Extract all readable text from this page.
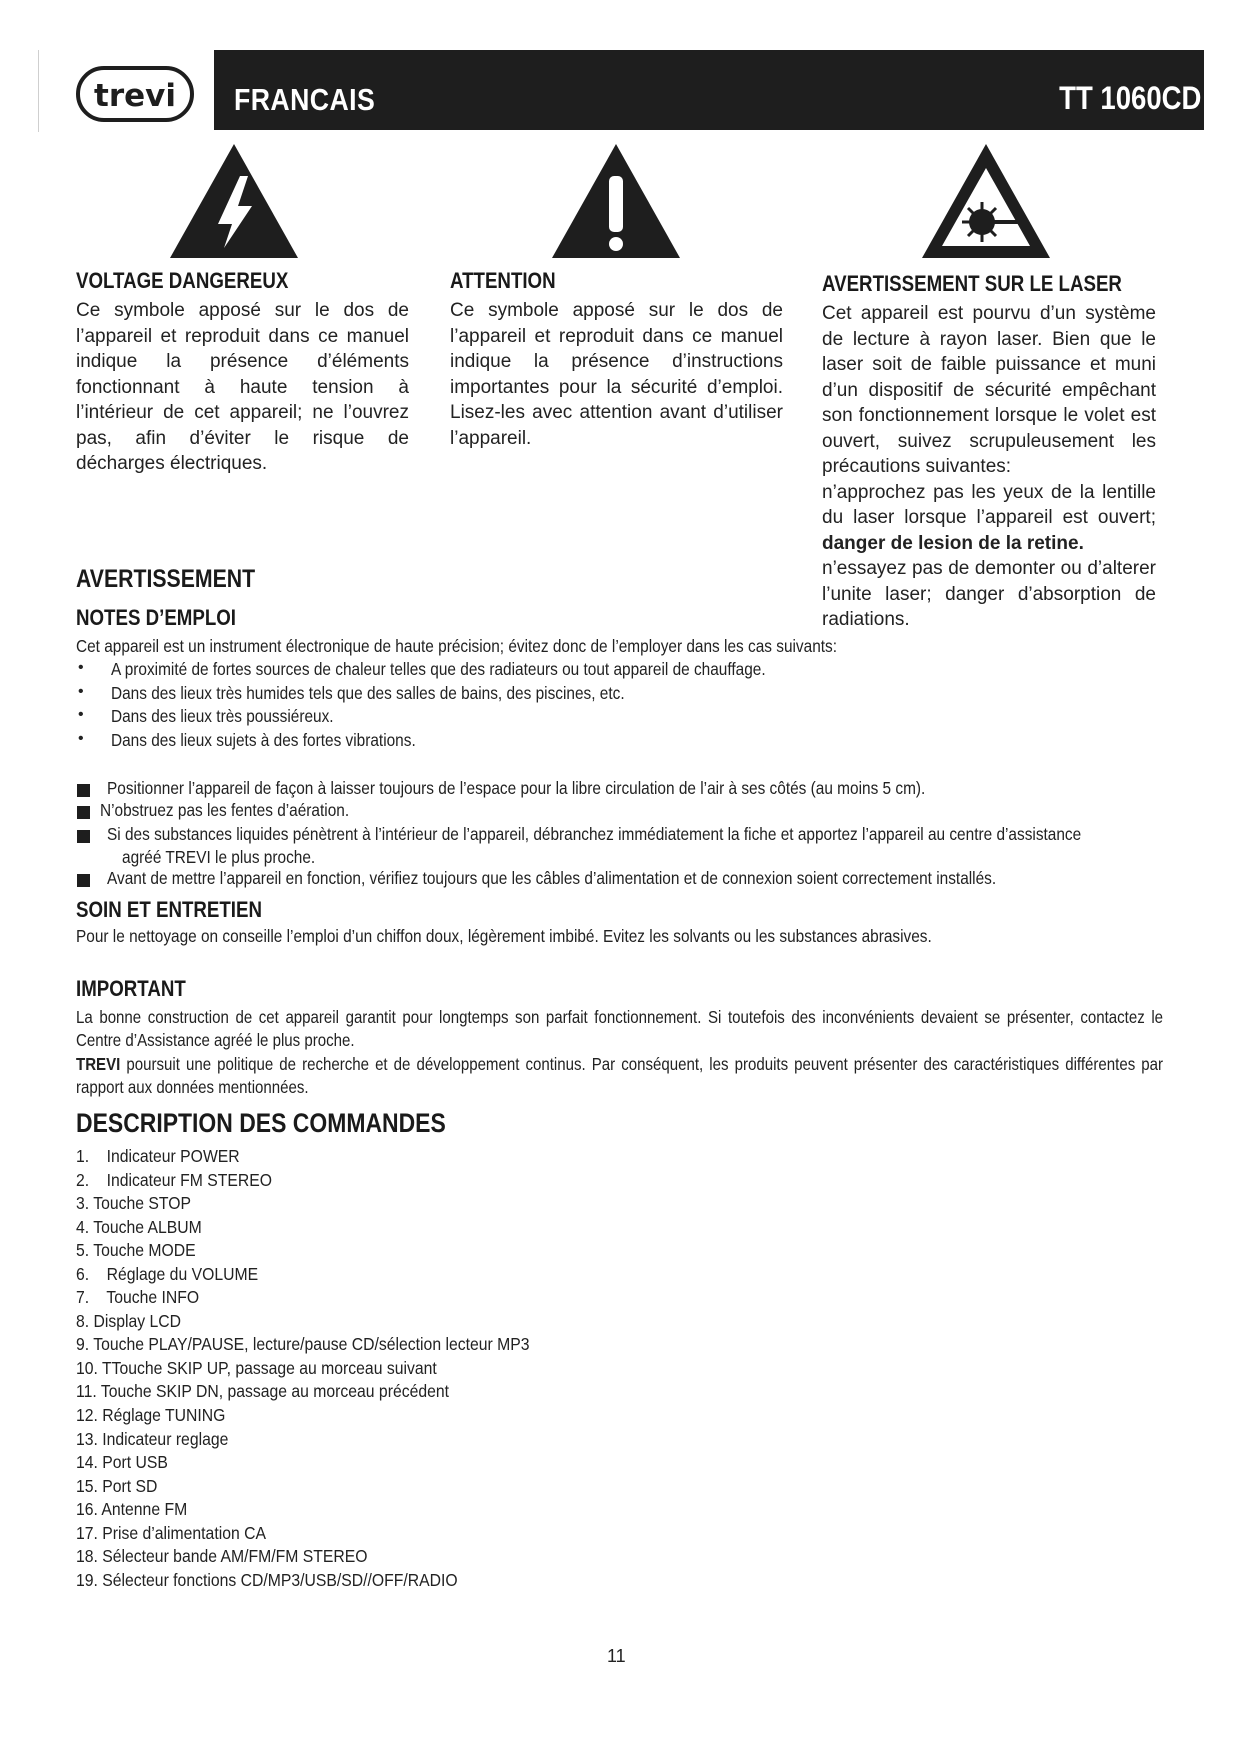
trevi FRANCAIS	TT 1060CD
VOLTAGE DANGEREUX

Ce symbole apposé sur le dos de l’appareil et reproduit dans ce manuel indique la présence d’éléments fonctionnant à haute tension à l’intérieur de cet appareil; ne l’ouvrez pas, afin d’éviter le risque de décharges électriques.

ATTENTION

Ce symbole apposé sur le dos de l’appareil et reproduit dans ce manuel indique la présence d’instructions importantes pour la sécurité d’emploi. Lisez-les avec attention avant d’utiliser l’appareil.

AVERTISSEMENT SUR LE LASER

Cet appareil est pourvu d’un système de lecture à rayon laser. Bien que le laser soit de faible puissance et muni d’un dispositif de sécurité empêchant son fonctionnement lorsque le volet est ouvert, suivez scrupuleusement les précautions suivantes:

n’approchez pas les yeux de la lentille du laser lorsque l’appareil est ouvert; danger de lesion de la retine.

n’essayez pas de demonter ou d’alterer l’unite laser; danger d’absorption de radiations.

AVERTISSEMENT
NOTES D’EMPLOI
Cet appareil est un instrument électronique de haute précision; évitez donc de l’employer dans les cas suivants:
• A proximité de fortes sources de chaleur telles que des radiateurs ou tout appareil de chauffage.
• Dans des lieux très humides tels que des salles de bains, des piscines, etc.
• Dans des lieux très poussiéreux.
• Dans des lieux sujets à des fortes vibrations.
Positionner l’appareil de façon à laisser toujours de l’espace pour la libre circulation de l’air à ses côtés (au moins 5 cm).
N’obstruez pas les fentes d’aération.
Si des substances liquides pénètrent à l’intérieur de l’appareil, débranchez immédiatement la fiche et apportez l’appareil au centre d’assistance
agréé TREVI le plus proche.
Avant de mettre l’appareil en fonction, vérifiez toujours que les câbles d’alimentation et de connexion soient correctement installés.
SOIN ET ENTRETIEN
Pour le nettoyage on conseille l’emploi d’un chiffon doux, légèrement imbibé. Evitez les solvants ou les substances abrasives.
IMPORTANT
La bonne construction de cet appareil garantit pour longtemps son parfait fonctionnement. Si toutefois des inconvénients devaient se présenter, contactez le Centre d’Assistance agréé le plus proche.
TREVI poursuit une politique de recherche et de développement continus. Par conséquent, les produits peuvent présenter des caractéristiques différentes par rapport aux données mentionnées.
DESCRIPTION DES COMMANDES
1.    Indicateur POWER
2.    Indicateur FM STEREO
3. Touche STOP
4. Touche ALBUM
5. Touche MODE
6.    Réglage du VOLUME
7.    Touche INFO
8. Display LCD
9. Touche PLAY/PAUSE, lecture/pause CD/sélection lecteur MP3
10. TTouche SKIP UP, passage au morceau suivant
11. Touche SKIP DN, passage au morceau précédent
12. Réglage TUNING
13. Indicateur reglage
14. Port USB
15. Port SD
16. Antenne FM
17. Prise d’alimentation CA
18. Sélecteur bande AM/FM/FM STEREO
19. Sélecteur fonctions CD/MP3/USB/SD//OFF/RADIO
11
